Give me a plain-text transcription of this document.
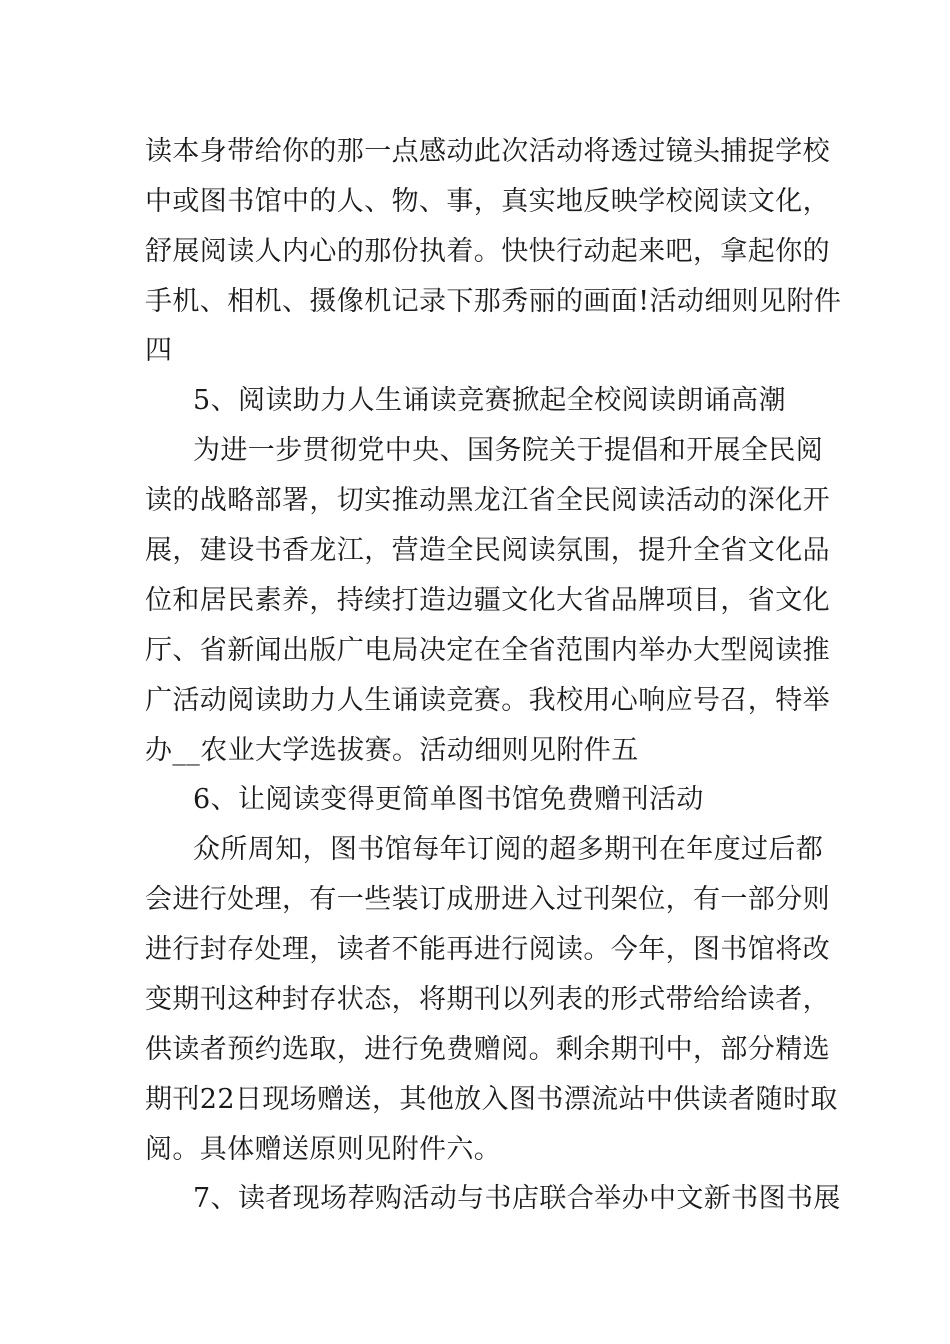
读本身带给你的那一点感动此次活动将透过镜头捕捉学校
中或图书馆中的人、物、事，真实地反映学校阅读文化，
舒展阅读人内心的那份执着。快快行动起来吧，拿起你的
手机、相机、摄像机记录下那秀丽的画面!活动细则见附件
四
5、阅读助力人生诵读竞赛掀起全校阅读朗诵高潮
为进一步贯彻党中央、国务院关于提倡和开展全民阅
读的战略部署，切实推动黑龙江省全民阅读活动的深化开
展，建设书香龙江，营造全民阅读氛围，提升全省文化品
位和居民素养，持续打造边疆文化大省品牌项目，省文化
厅、省新闻出版广电局决定在全省范围内举办大型阅读推
广活动阅读助力人生诵读竞赛。我校用心响应号召，特举
办__农业大学选拔赛。活动细则见附件五
6、让阅读变得更简单图书馆免费赠刊活动
众所周知，图书馆每年订阅的超多期刊在年度过后都
会进行处理，有一些装订成册进入过刊架位，有一部分则
进行封存处理，读者不能再进行阅读。今年，图书馆将改
变期刊这种封存状态，将期刊以列表的形式带给给读者，
供读者预约选取，进行免费赠阅。剩余期刊中，部分精选
期刊22日现场赠送，其他放入图书漂流站中供读者随时取
阅。具体赠送原则见附件六。
7、读者现场荐购活动与书店联合举办中文新书图书展
